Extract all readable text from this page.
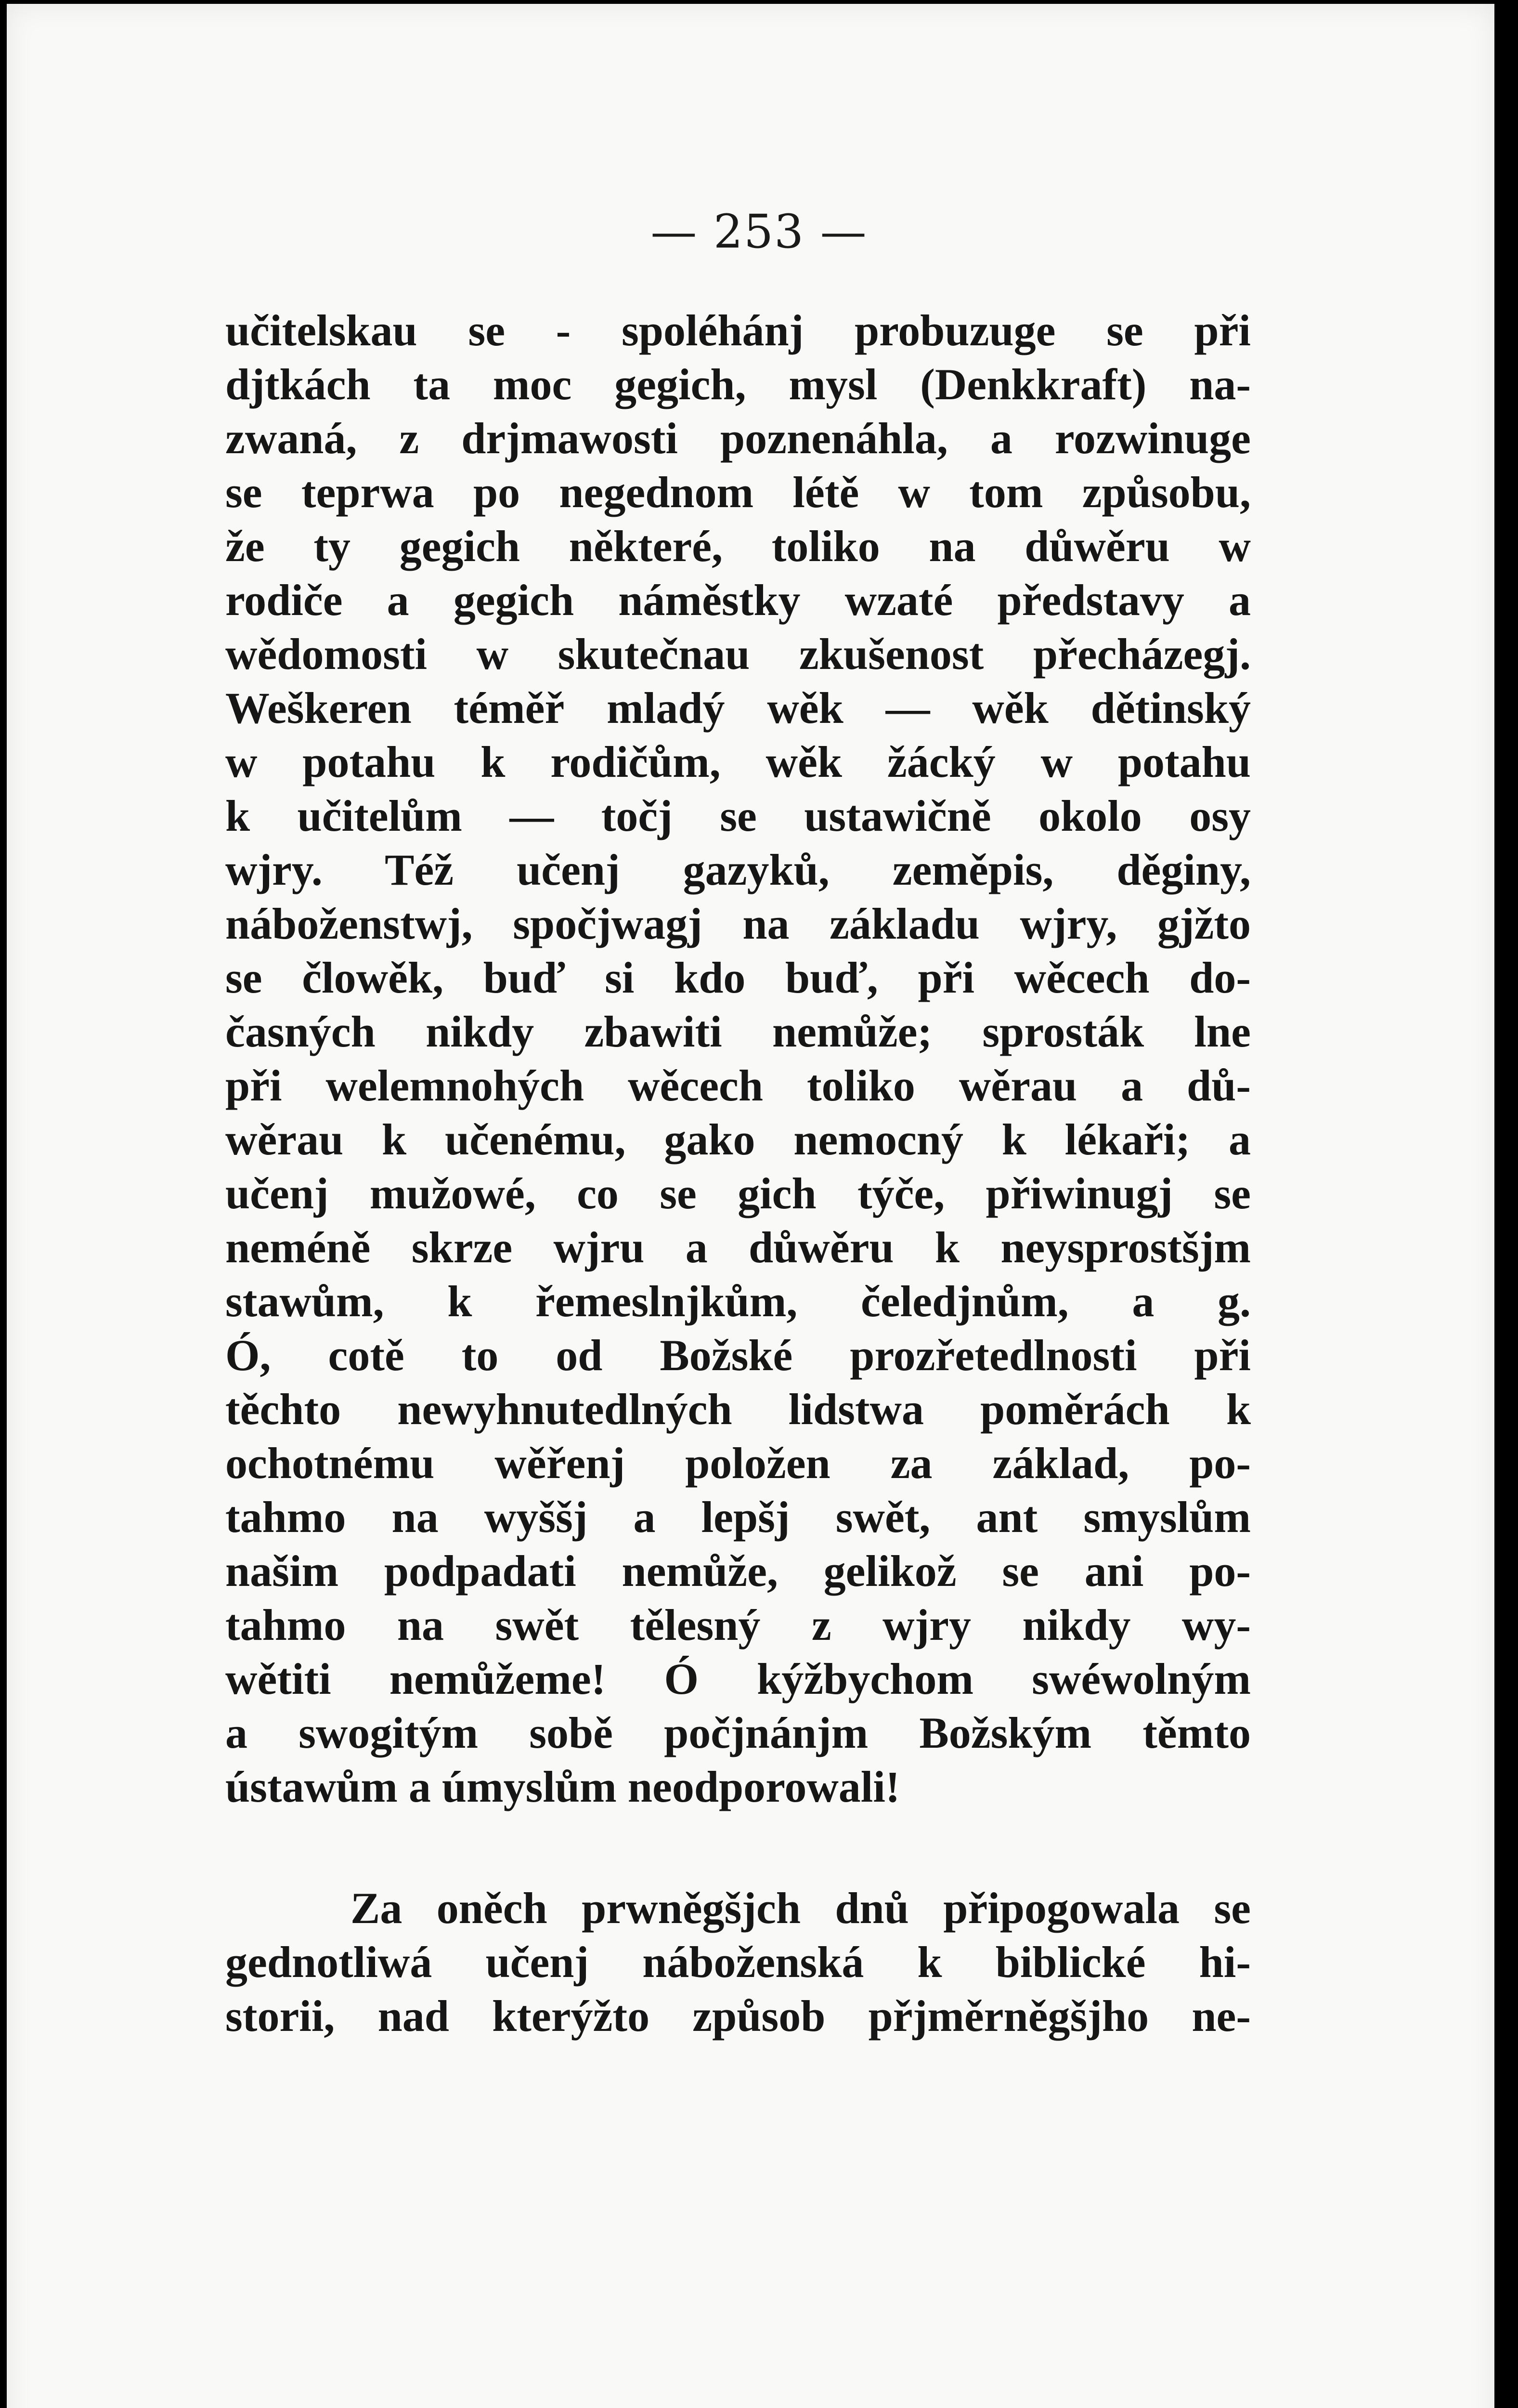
— 253 —
učitelskau se - spoléhánj probuzuge se při
djtkách ta moc gegich, mysl (Denkkraft) na-
zwaná, z drjmawosti poznenáhla, a rozwinuge
se teprwa po negednom létě w tom způsobu,
že ty gegich některé, toliko na důwěru w
rodiče a gegich náměstky wzaté představy a
wědomosti w skutečnau zkušenost přecházegj.
Weškeren téměř mladý wěk — wěk dětinský
w potahu k rodičům, wěk žácký w potahu
k učitelům — točj se ustawičně okolo osy
wjry. Též učenj gazyků, zeměpis, děginy,
náboženstwj, spočjwagj na základu wjry, gjžto
se člowěk, buď si kdo buď, při wěcech do-
časných nikdy zbawiti nemůže; sprosták lne
při welemnohých wěcech toliko wěrau a dů-
wěrau k učenému, gako nemocný k lékaři; a
učenj mužowé, co se gich týče, přiwinugj se
neméně skrze wjru a důwěru k neysprostšjm
stawům, k řemeslnjkům, čeledjnům, a g.
Ó, cotě to od Božské prozřetedlnosti při
těchto newyhnutedlných lidstwa poměrách k
ochotnému wěřenj položen za základ, po-
tahmo na wyššj a lepšj swět, ant smyslům
našim podpadati nemůže, gelikož se ani po-
tahmo na swět tělesný z wjry nikdy wy-
wětiti nemůžeme! Ó kýžbychom swéwolným
a swogitým sobě počjnánjm Božským těmto
ústawům a úmyslům neodporowali!
Za oněch prwněgšjch dnů připogowala se
gednotliwá učenj náboženská k biblické hi-
storii, nad kterýžto způsob přjměrněgšjho ne-
